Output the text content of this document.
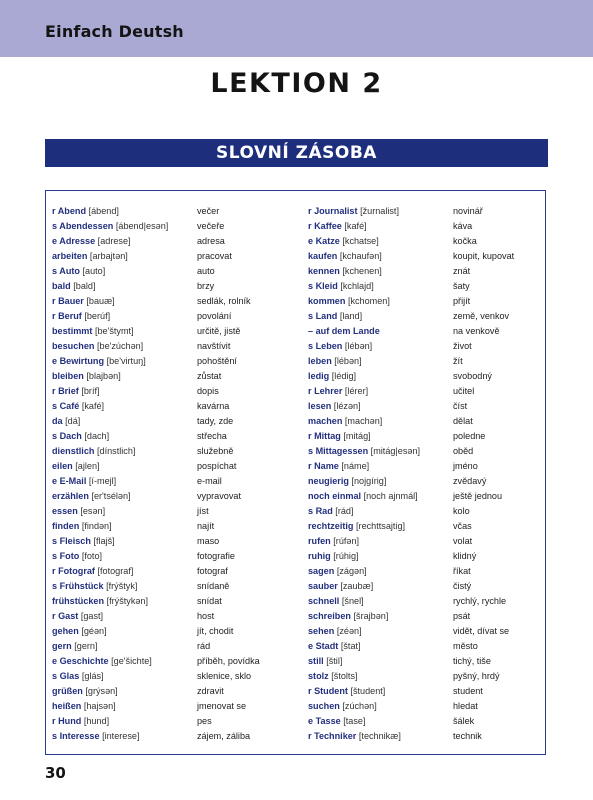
Einfach Deutsh
LEKTION 2
SLOVNÍ ZÁSOBA
r Abend [ábend]	večer
s Abendessen [ábend|esən]	večeře
e Adresse [adrese]	adresa
arbeiten [arbajtən]	pracovat
s Auto [auto]	auto
bald [bald]	brzy
r Bauer [bauæ]	sedlák, rolník
r Beruf [berúf]	povolání
bestimmt [be'štymt]	určitě, jistě
besuchen [be'zúchən]	navštívit
e Bewirtung [be'virtuŋ]	pohoštění
bleiben [blajbən]	zůstat
r Brief [bríf]	dopis
s Café [kafé]	kavárna
da [dá]	tady, zde
s Dach [dach]	střecha
dienstlich [dínstlich]	služebně
eilen [ajlen]	pospíchat
e E-Mail [í-mejl]	e-mail
erzählen [er'tsélən]	vypravovat
essen [esən]	jíst
finden [findən]	najít
s Fleisch [flajš]	maso
s Foto [foto]	fotografie
r Fotograf [fotograf]	fotograf
s Frühstück [frýštyk]	snídaně
frühstücken [frýštykən]	snídat
r Gast [gast]	host
gehen [géən]	jít, chodit
gern [gern]	rád
e Geschichte [ge'šichte]	příběh, povídka
s Glas [glás]	sklenice, sklo
grüßen [grýsən]	zdravit
heißen [hajsən]	jmenovat se
r Hund [hund]	pes
s Interesse [interese]	zájem, záliba
r Journalist [žurnalist]	novinář
r Kaffee [kafé]	káva
e Katze [kchatse]	kočka
kaufen [kchaufən]	koupit, kupovat
kennen [kchenen]	znát
s Kleid [kchlajd]	šaty
kommen [kchomen]	přijít
s Land [land]	země, venkov
– auf dem Lande	na venkově
s Leben [lébən]	život
leben [lébən]	žít
ledig [lédig]	svobodný
r Lehrer [lérer]	učitel
lesen [lézən]	číst
machen [machən]	dělat
r Mittag [mitág]	poledne
s Mittagessen [mitág|esən]	oběd
r Name [náme]	jméno
neugierig [nojgírig]	zvědavý
noch einmal [noch ajnmál]	ještě jednou
s Rad [rád]	kolo
rechtzeitig [rechttsajtig]	včas
rufen [rúfən]	volat
ruhig [rúhig]	klidný
sagen [zágən]	říkat
sauber [zaubæ]	čistý
schnell [šnel]	rychlý, rychle
schreiben [šrajbən]	psát
sehen [zéən]	vidět, dívat se
e Stadt [štat]	město
still [štil]	tichý, tiše
stolz [štolts]	pyšný, hrdý
r Student [študent]	student
suchen [zúchən]	hledat
e Tasse [tase]	šálek
r Techniker [technikæ]	technik
30
